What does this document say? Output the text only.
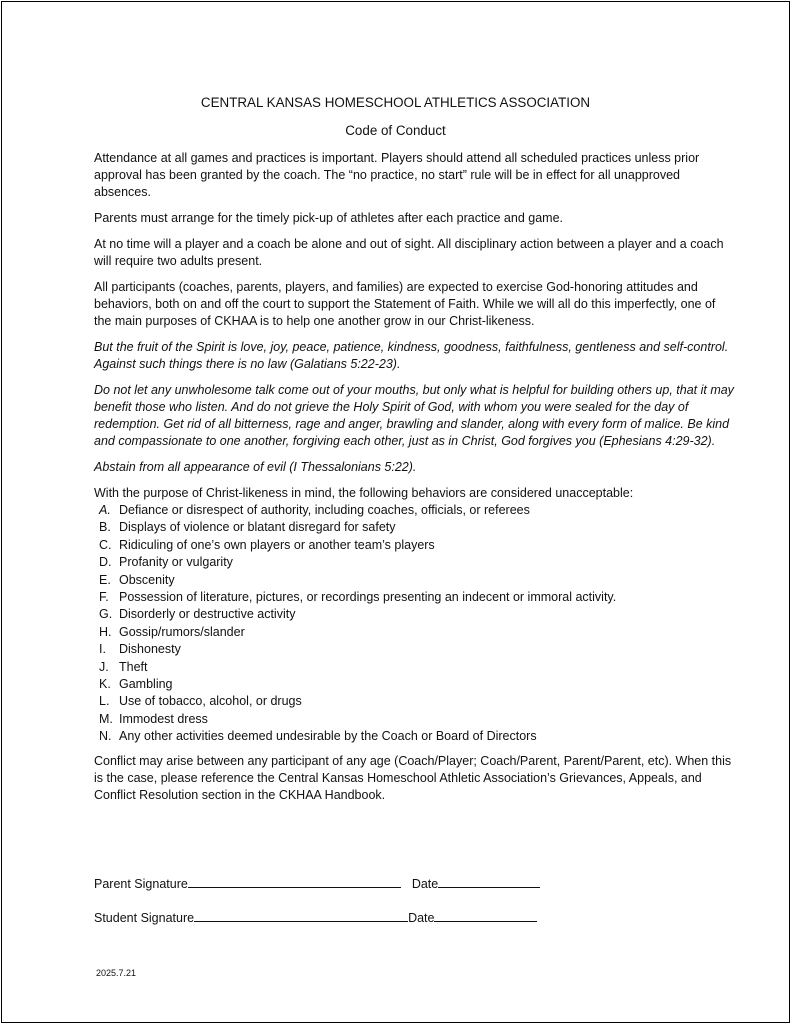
CENTRAL KANSAS HOMESCHOOL ATHLETICS ASSOCIATION
Code of Conduct

Attendance at all games and practices is important. Players should attend all scheduled practices unless prior approval has been granted by the coach. The “no practice, no start” rule will be in effect for all unapproved absences.

Parents must arrange for the timely pick-up of athletes after each practice and game.

At no time will a player and a coach be alone and out of sight. All disciplinary action between a player and a coach will require two adults present.

All participants (coaches, parents, players, and families) are expected to exercise God-honoring attitudes and behaviors, both on and off the court to support the Statement of Faith. While we will all do this imperfectly, one of the main purposes of CKHAA is to help one another grow in our Christ-likeness.

But the fruit of the Spirit is love, joy, peace, patience, kindness, goodness, faithfulness, gentleness and self-control. Against such things there is no law (Galatians 5:22-23).

Do not let any unwholesome talk come out of your mouths, but only what is helpful for building others up, that it may benefit those who listen. And do not grieve the Holy Spirit of God, with whom you were sealed for the day of redemption. Get rid of all bitterness, rage and anger, brawling and slander, along with every form of malice. Be kind and compassionate to one another, forgiving each other, just as in Christ, God forgives you (Ephesians 4:29-32).

Abstain from all appearance of evil (I Thessalonians 5:22).

With the purpose of Christ-likeness in mind, the following behaviors are considered unacceptable:

A. Defiance or disrespect of authority, including coaches, officials, or referees
B. Displays of violence or blatant disregard for safety
C. Ridiculing of one’s own players or another team’s players
D. Profanity or vulgarity
E. Obscenity
F. Possession of literature, pictures, or recordings presenting an indecent or immoral activity.
G. Disorderly or destructive activity
H. Gossip/rumors/slander
I. Dishonesty
J. Theft
K. Gambling
L. Use of tobacco, alcohol, or drugs
M. Immodest dress
N. Any other activities deemed undesirable by the Coach or Board of Directors

Conflict may arise between any participant of any age (Coach/Player; Coach/Parent, Parent/Parent, etc). When this is the case, please reference the Central Kansas Homeschool Athletic Association’s Grievances, Appeals, and Conflict Resolution section in the CKHAA Handbook.

Parent Signature	Date
Student Signature	Date
2025.7.21
